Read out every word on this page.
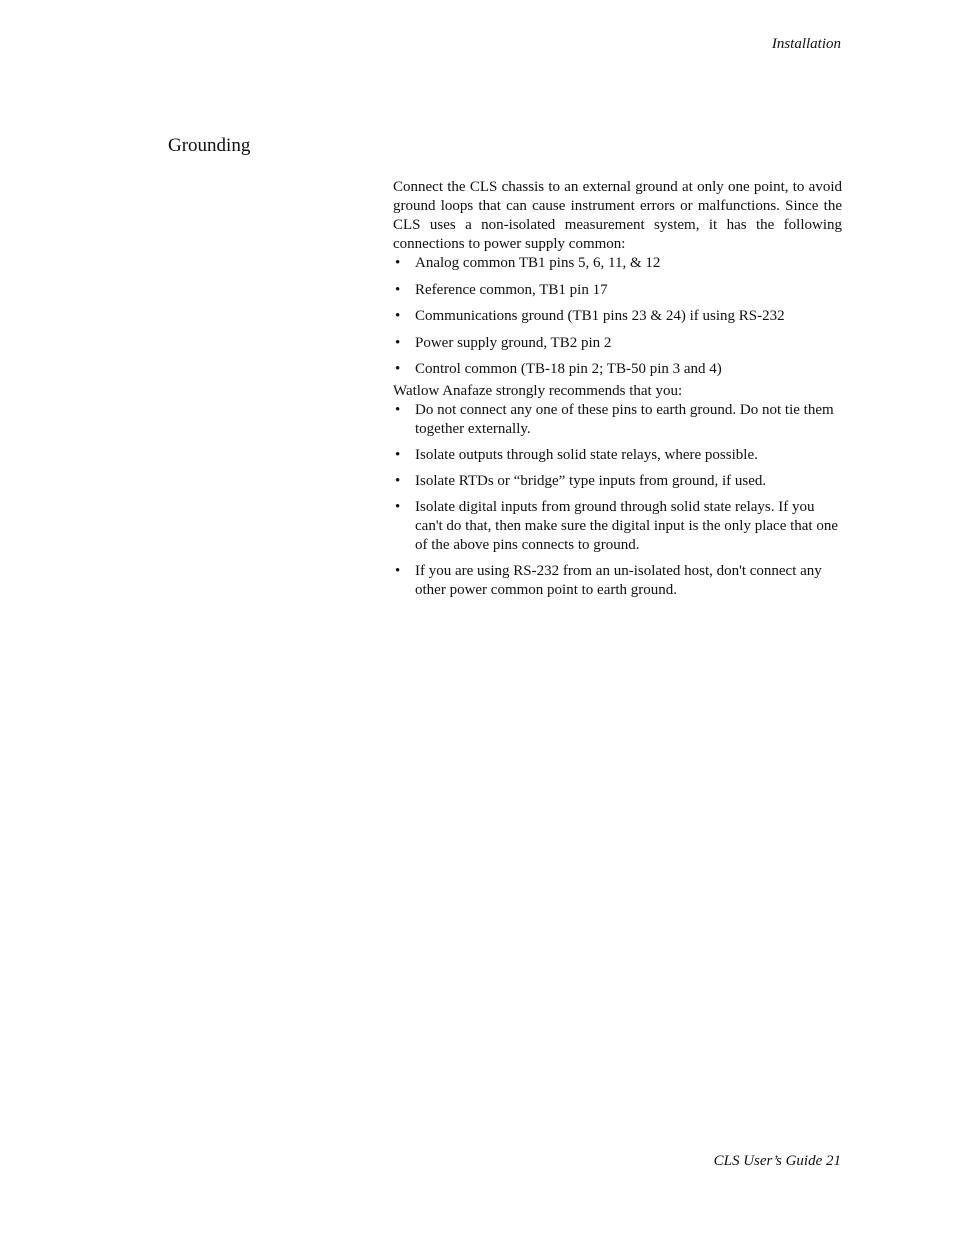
Installation
Grounding

Connect the CLS chassis to an external ground at only one point, to avoid ground loops that can cause instrument errors or malfunctions. Since the CLS uses a non-isolated measurement system, it has the following connections to power supply common:

• Analog common TB1 pins 5, 6, 11, & 12
• Reference common, TB1 pin 17
• Communications ground (TB1 pins 23 & 24) if using RS-232
• Power supply ground, TB2 pin 2
• Control common (TB-18 pin 2; TB-50 pin 3 and 4)

Watlow Anafaze strongly recommends that you:

• Do not connect any one of these pins to earth ground. Do not tie them together externally.
• Isolate outputs through solid state relays, where possible.
• Isolate RTDs or “bridge” type inputs from ground, if used.
• Isolate digital inputs from ground through solid state relays. If you can't do that, then make sure the digital input is the only place that one of the above pins connects to ground.
• If you are using RS-232 from an un-isolated host, don't connect any other power common point to earth ground.
CLS User’s Guide 21
